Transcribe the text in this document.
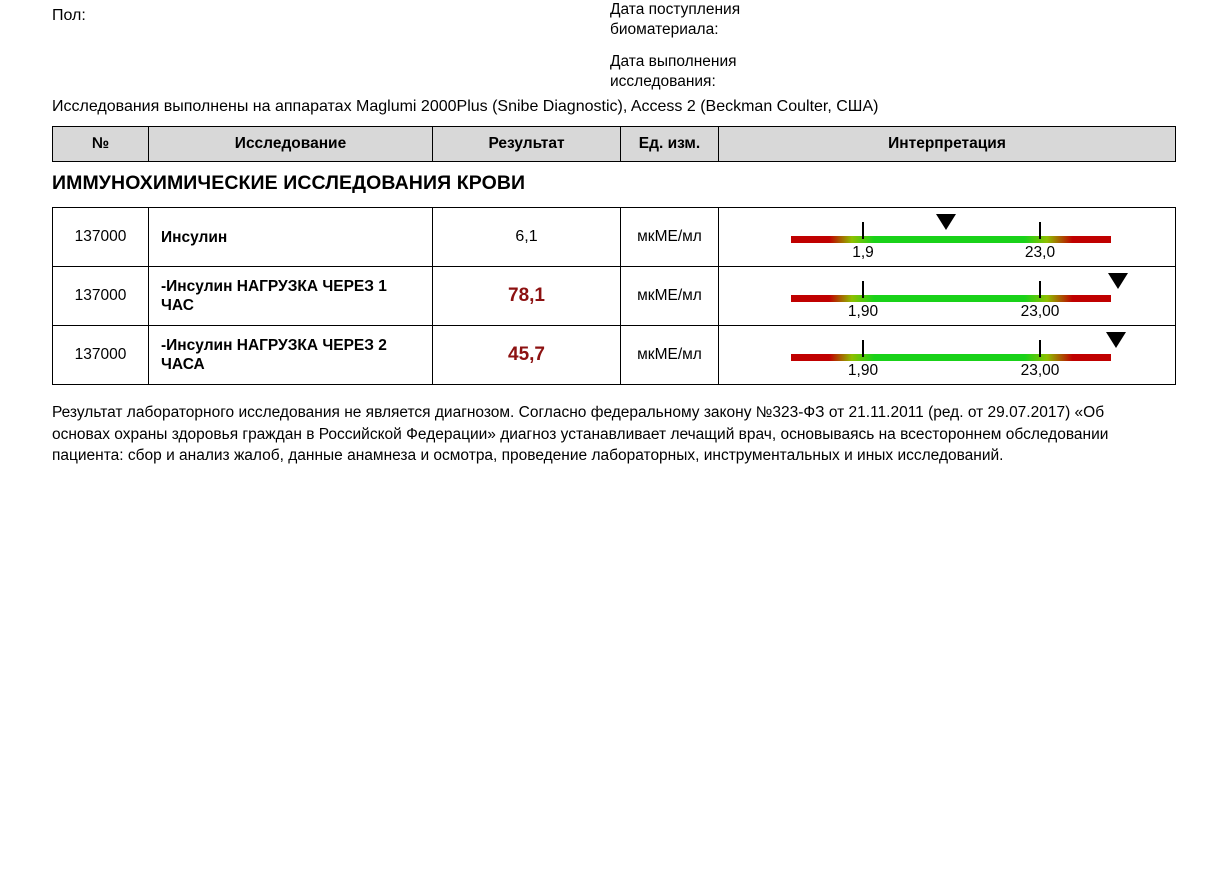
Пол:	Дата поступления
биоматериала:
Дата выполнения
исследования:
Исследования выполнены на аппаратах Maglumi 2000Plus (Snibe Diagnostic), Access 2 (Beckman Coulter, США)
№	Исследование	Результат	Ед. изм.	Интерпретация
ИММУНОХИМИЧЕСКИЕ ИССЛЕДОВАНИЯ КРОВИ
137000	Инсулин	6,1	мкМЕ/мл	1,9 23,0

137000	-Инсулин НАГРУЗКА ЧЕРЕЗ 1 ЧАС	78,1	мкМЕ/мл	1,90 23,00

137000	-Инсулин НАГРУЗКА ЧЕРЕЗ 2 ЧАСА	45,7	мкМЕ/мл	1,90 23,00
Результат лабораторного исследования не является диагнозом. Согласно федеральному закону №323-ФЗ от 21.11.2011 (ред. от 29.07.2017) «Об основах охраны здоровья граждан в Российской Федерации» диагноз устанавливает лечащий врач, основываясь на всестороннем обследовании пациента: сбор и анализ жалоб, данные анамнеза и осмотра, проведение лабораторных, инструментальных и иных исследований.
